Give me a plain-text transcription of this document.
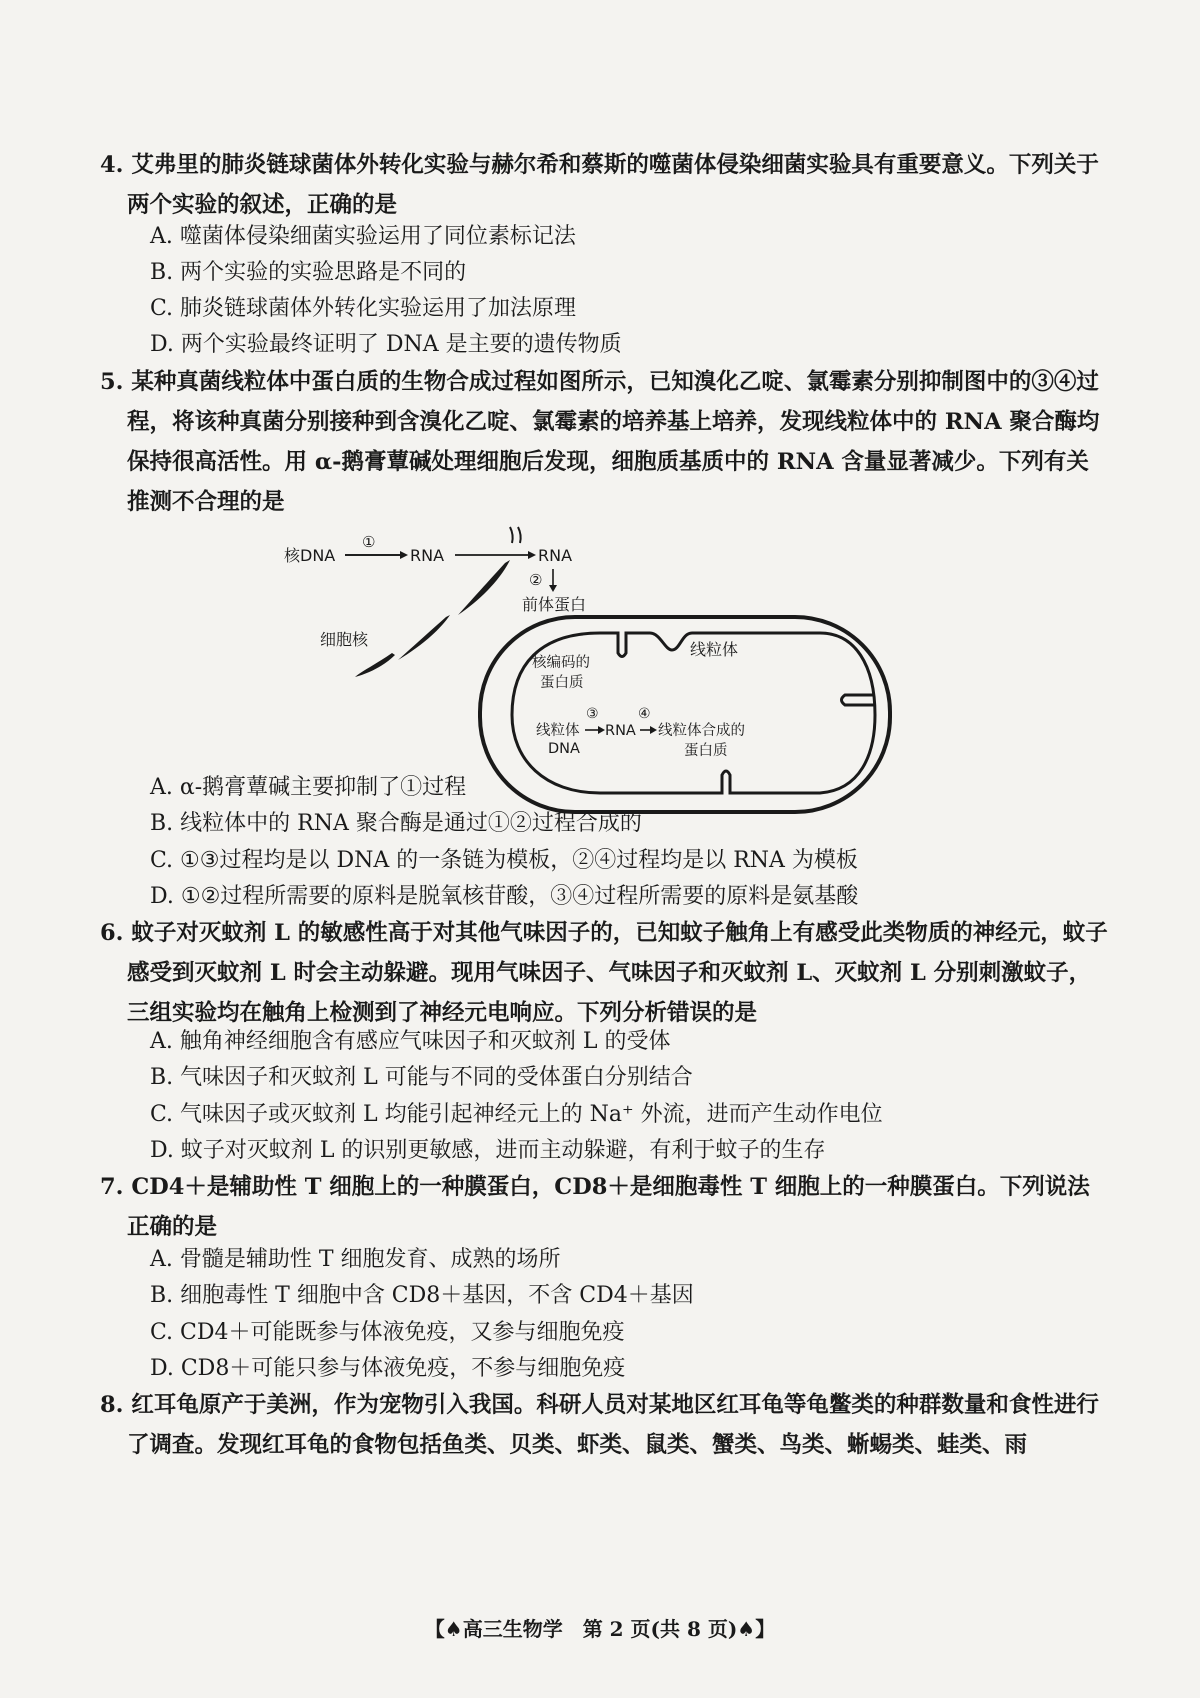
4. 艾弗里的肺炎链球菌体外转化实验与赫尔希和蔡斯的噬菌体侵染细菌实验具有重要意义。下列关于两个实验的叙述，正确的是
A. 噬菌体侵染细菌实验运用了同位素标记法
B. 两个实验的实验思路是不同的
C. 肺炎链球菌体外转化实验运用了加法原理
D. 两个实验最终证明了 DNA 是主要的遗传物质
5. 某种真菌线粒体中蛋白质的生物合成过程如图所示，已知溴化乙啶、氯霉素分别抑制图中的③④过程，将该种真菌分别接种到含溴化乙啶、氯霉素的培养基上培养，发现线粒体中的 RNA 聚合酶均保持很高活性。用 α-鹅膏蕈碱处理细胞后发现，细胞质基质中的 RNA 含量显著减少。下列有关推测不合理的是
核DNA
①
RNA	RNA
②
前体蛋白
细胞核
线粒体
核编码的
蛋白质
线粒体
DNA
③
RNA
④
线粒体合成的
蛋白质
A. α-鹅膏蕈碱主要抑制了①过程
B. 线粒体中的 RNA 聚合酶是通过①②过程合成的
C. ①③过程均是以 DNA 的一条链为模板，②④过程均是以 RNA 为模板
D. ①②过程所需要的原料是脱氧核苷酸，③④过程所需要的原料是氨基酸
6. 蚊子对灭蚊剂 L 的敏感性高于对其他气味因子的，已知蚊子触角上有感受此类物质的神经元，蚊子感受到灭蚊剂 L 时会主动躲避。现用气味因子、气味因子和灭蚊剂 L、灭蚊剂 L 分别刺激蚊子，三组实验均在触角上检测到了神经元电响应。下列分析错误的是
A. 触角神经细胞含有感应气味因子和灭蚊剂 L 的受体
B. 气味因子和灭蚊剂 L 可能与不同的受体蛋白分别结合
C. 气味因子或灭蚊剂 L 均能引起神经元上的 Na⁺ 外流，进而产生动作电位
D. 蚊子对灭蚊剂 L 的识别更敏感，进而主动躲避，有利于蚊子的生存
7. CD4＋是辅助性 T 细胞上的一种膜蛋白，CD8＋是细胞毒性 T 细胞上的一种膜蛋白。下列说法正确的是
A. 骨髓是辅助性 T 细胞发育、成熟的场所
B. 细胞毒性 T 细胞中含 CD8＋基因，不含 CD4＋基因
C. CD4＋可能既参与体液免疫，又参与细胞免疫
D. CD8＋可能只参与体液免疫，不参与细胞免疫
8. 红耳龟原产于美洲，作为宠物引入我国。科研人员对某地区红耳龟等龟鳖类的种群数量和食性进行了调查。发现红耳龟的食物包括鱼类、贝类、虾类、鼠类、蟹类、鸟类、蜥蜴类、蛙类、雨
【♠高三生物学　第 2 页(共 8 页)♠】
